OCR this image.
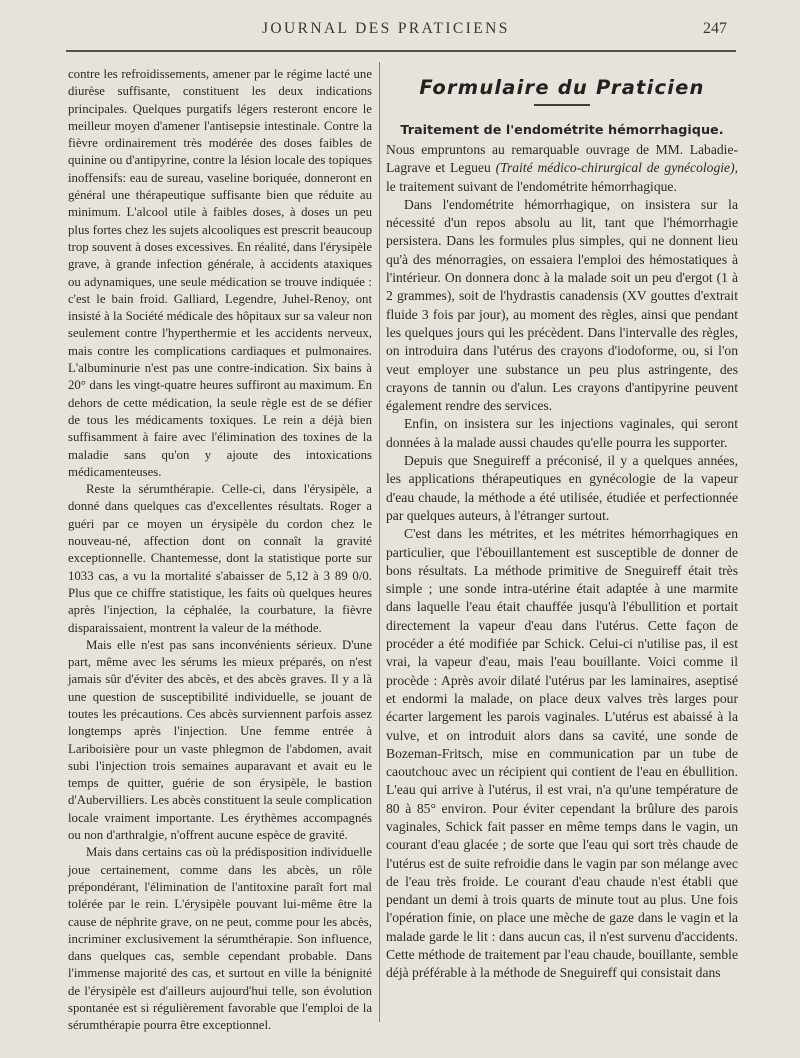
JOURNAL DES PRATICIENS	247

contre les refroidissements, amener par le régime lacté une diurèse suffisante, constituent les deux indications principales. Quelques purgatifs légers resteront encore le meilleur moyen d'amener l'antisepsie intestinale. Contre la fièvre ordinairement très modérée des doses faibles de quinine ou d'antipyrine, contre la lésion locale des topiques inoffensifs: eau de sureau, vaseline boriquée, donneront en général une thérapeutique suffisante bien que réduite au minimum. L'alcool utile à faibles doses, à doses un peu plus fortes chez les sujets alcooliques est prescrit beaucoup trop souvent à doses excessives. En réalité, dans l'érysipèle grave, à grande infection générale, à accidents ataxiques ou adynamiques, une seule médication se trouve indiquée : c'est le bain froid. Galliard, Legendre, Juhel-Renoy, ont insisté à la Société médicale des hôpitaux sur sa valeur non seulement contre l'hyperthermie et les accidents nerveux, mais contre les complications cardiaques et pulmonaires. L'albuminurie n'est pas une contre-indication. Six bains à 20° dans les vingt-quatre heures suffiront au maximum. En dehors de cette médication, la seule règle est de se défier de tous les médicaments toxiques. Le rein a déjà bien suffisamment à faire avec l'élimination des toxines de la maladie sans qu'on y ajoute des intoxications médicamenteuses.

Reste la sérumthérapie. Celle-ci, dans l'érysipèle, a donné dans quelques cas d'excellentes résultats. Roger a guéri par ce moyen un érysipèle du cordon chez le nouveau-né, affection dont on connaît la gravité exceptionnelle. Chantemesse, dont la statistique porte sur 1033 cas, a vu la mortalité s'abaisser de 5,12 à 3 89 0/0. Plus que ce chiffre statistique, les faits où quelques heures après l'injection, la céphalée, la courbature, la fièvre disparaissaient, montrent la valeur de la méthode.

Mais elle n'est pas sans inconvénients sérieux. D'une part, même avec les sérums les mieux préparés, on n'est jamais sûr d'éviter des abcès, et des abcès graves. Il y a là une question de susceptibilité individuelle, se jouant de toutes les précautions. Ces abcès surviennent parfois assez longtemps après l'injection. Une femme entrée à Lariboisière pour un vaste phlegmon de l'abdomen, avait subi l'injection trois semaines auparavant et avait eu le temps de quitter, guérie de son érysipèle, le bastion d'Aubervilliers. Les abcès constituent la seule complication locale vraiment importante. Les érythèmes accompagnés ou non d'arthralgie, n'offrent aucune espèce de gravité.

Mais dans certains cas où la prédisposition individuelle joue certainement, comme dans les abcès, un rôle prépondérant, l'élimination de l'antitoxine paraît fort mal tolérée par le rein. L'érysipèle pouvant lui-même être la cause de néphrite grave, on ne peut, comme pour les abcès, incriminer exclusivement la sérumthérapie. Son influence, dans quelques cas, semble cependant probable. Dans l'immense majorité des cas, et surtout en ville la bénignité de l'érysipèle est d'ailleurs aujourd'hui telle, son évolution spontanée est si régulièrement favorable que l'emploi de la sérumthérapie pourra être exceptionnel.

Formulaire du Praticien
Traitement de l'endométrite hémorrhagique.

Nous empruntons au remarquable ouvrage de MM. Labadie-Lagrave et Legueu (Traité médico-chirurgical de gynécologie), le traitement suivant de l'endométrite hémorrhagique.

Dans l'endométrite hémorrhagique, on insistera sur la nécessité d'un repos absolu au lit, tant que l'hémorrhagie persistera. Dans les formules plus simples, qui ne donnent lieu qu'à des ménorragies, on essaiera l'emploi des hémostatiques à l'intérieur. On donnera donc à la malade soit un peu d'ergot (1 à 2 grammes), soit de l'hydrastis canadensis (XV gouttes d'extrait fluide 3 fois par jour), au moment des règles, ainsi que pendant les quelques jours qui les précèdent. Dans l'intervalle des règles, on introduira dans l'utérus des crayons d'iodoforme, ou, si l'on veut employer une substance un peu plus astringente, des crayons de tannin ou d'alun. Les crayons d'antipyrine peuvent également rendre des services.

Enfin, on insistera sur les injections vaginales, qui seront données à la malade aussi chaudes qu'elle pourra les supporter.

Depuis que Sneguireff a préconisé, il y a quelques années, les applications thérapeutiques en gynécologie de la vapeur d'eau chaude, la méthode a été utilisée, étudiée et perfectionnée par quelques auteurs, à l'étranger surtout.

C'est dans les métrites, et les métrites hémorrhagiques en particulier, que l'ébouillantement est susceptible de donner de bons résultats. La méthode primitive de Sneguireff était très simple ; une sonde intra-utérine était adaptée à une marmite dans laquelle l'eau était chauffée jusqu'à l'ébullition et portait directement la vapeur d'eau dans l'utérus. Cette façon de procéder a été modifiée par Schick. Celui-ci n'utilise pas, il est vrai, la vapeur d'eau, mais l'eau bouillante. Voici comme il procède : Après avoir dilaté l'utérus par les laminaires, aseptisé et endormi la malade, on place deux valves très larges pour écarter largement les parois vaginales. L'utérus est abaissé à la vulve, et on introduit alors dans sa cavité, une sonde de Bozeman-Fritsch, mise en communication par un tube de caoutchouc avec un récipient qui contient de l'eau en ébullition. L'eau qui arrive à l'utérus, il est vrai, n'a qu'une température de 80 à 85° environ. Pour éviter cependant la brûlure des parois vaginales, Schick fait passer en même temps dans le vagin, un courant d'eau glacée ; de sorte que l'eau qui sort très chaude de l'utérus est de suite refroidie dans le vagin par son mélange avec de l'eau très froide. Le courant d'eau chaude n'est établi que pendant un demi à trois quarts de minute tout au plus. Une fois l'opération finie, on place une mèche de gaze dans le vagin et la malade garde le lit : dans aucun cas, il n'est survenu d'accidents. Cette méthode de traitement par l'eau chaude, bouillante, semble déjà préférable à la méthode de Sneguireff qui consistait dans
